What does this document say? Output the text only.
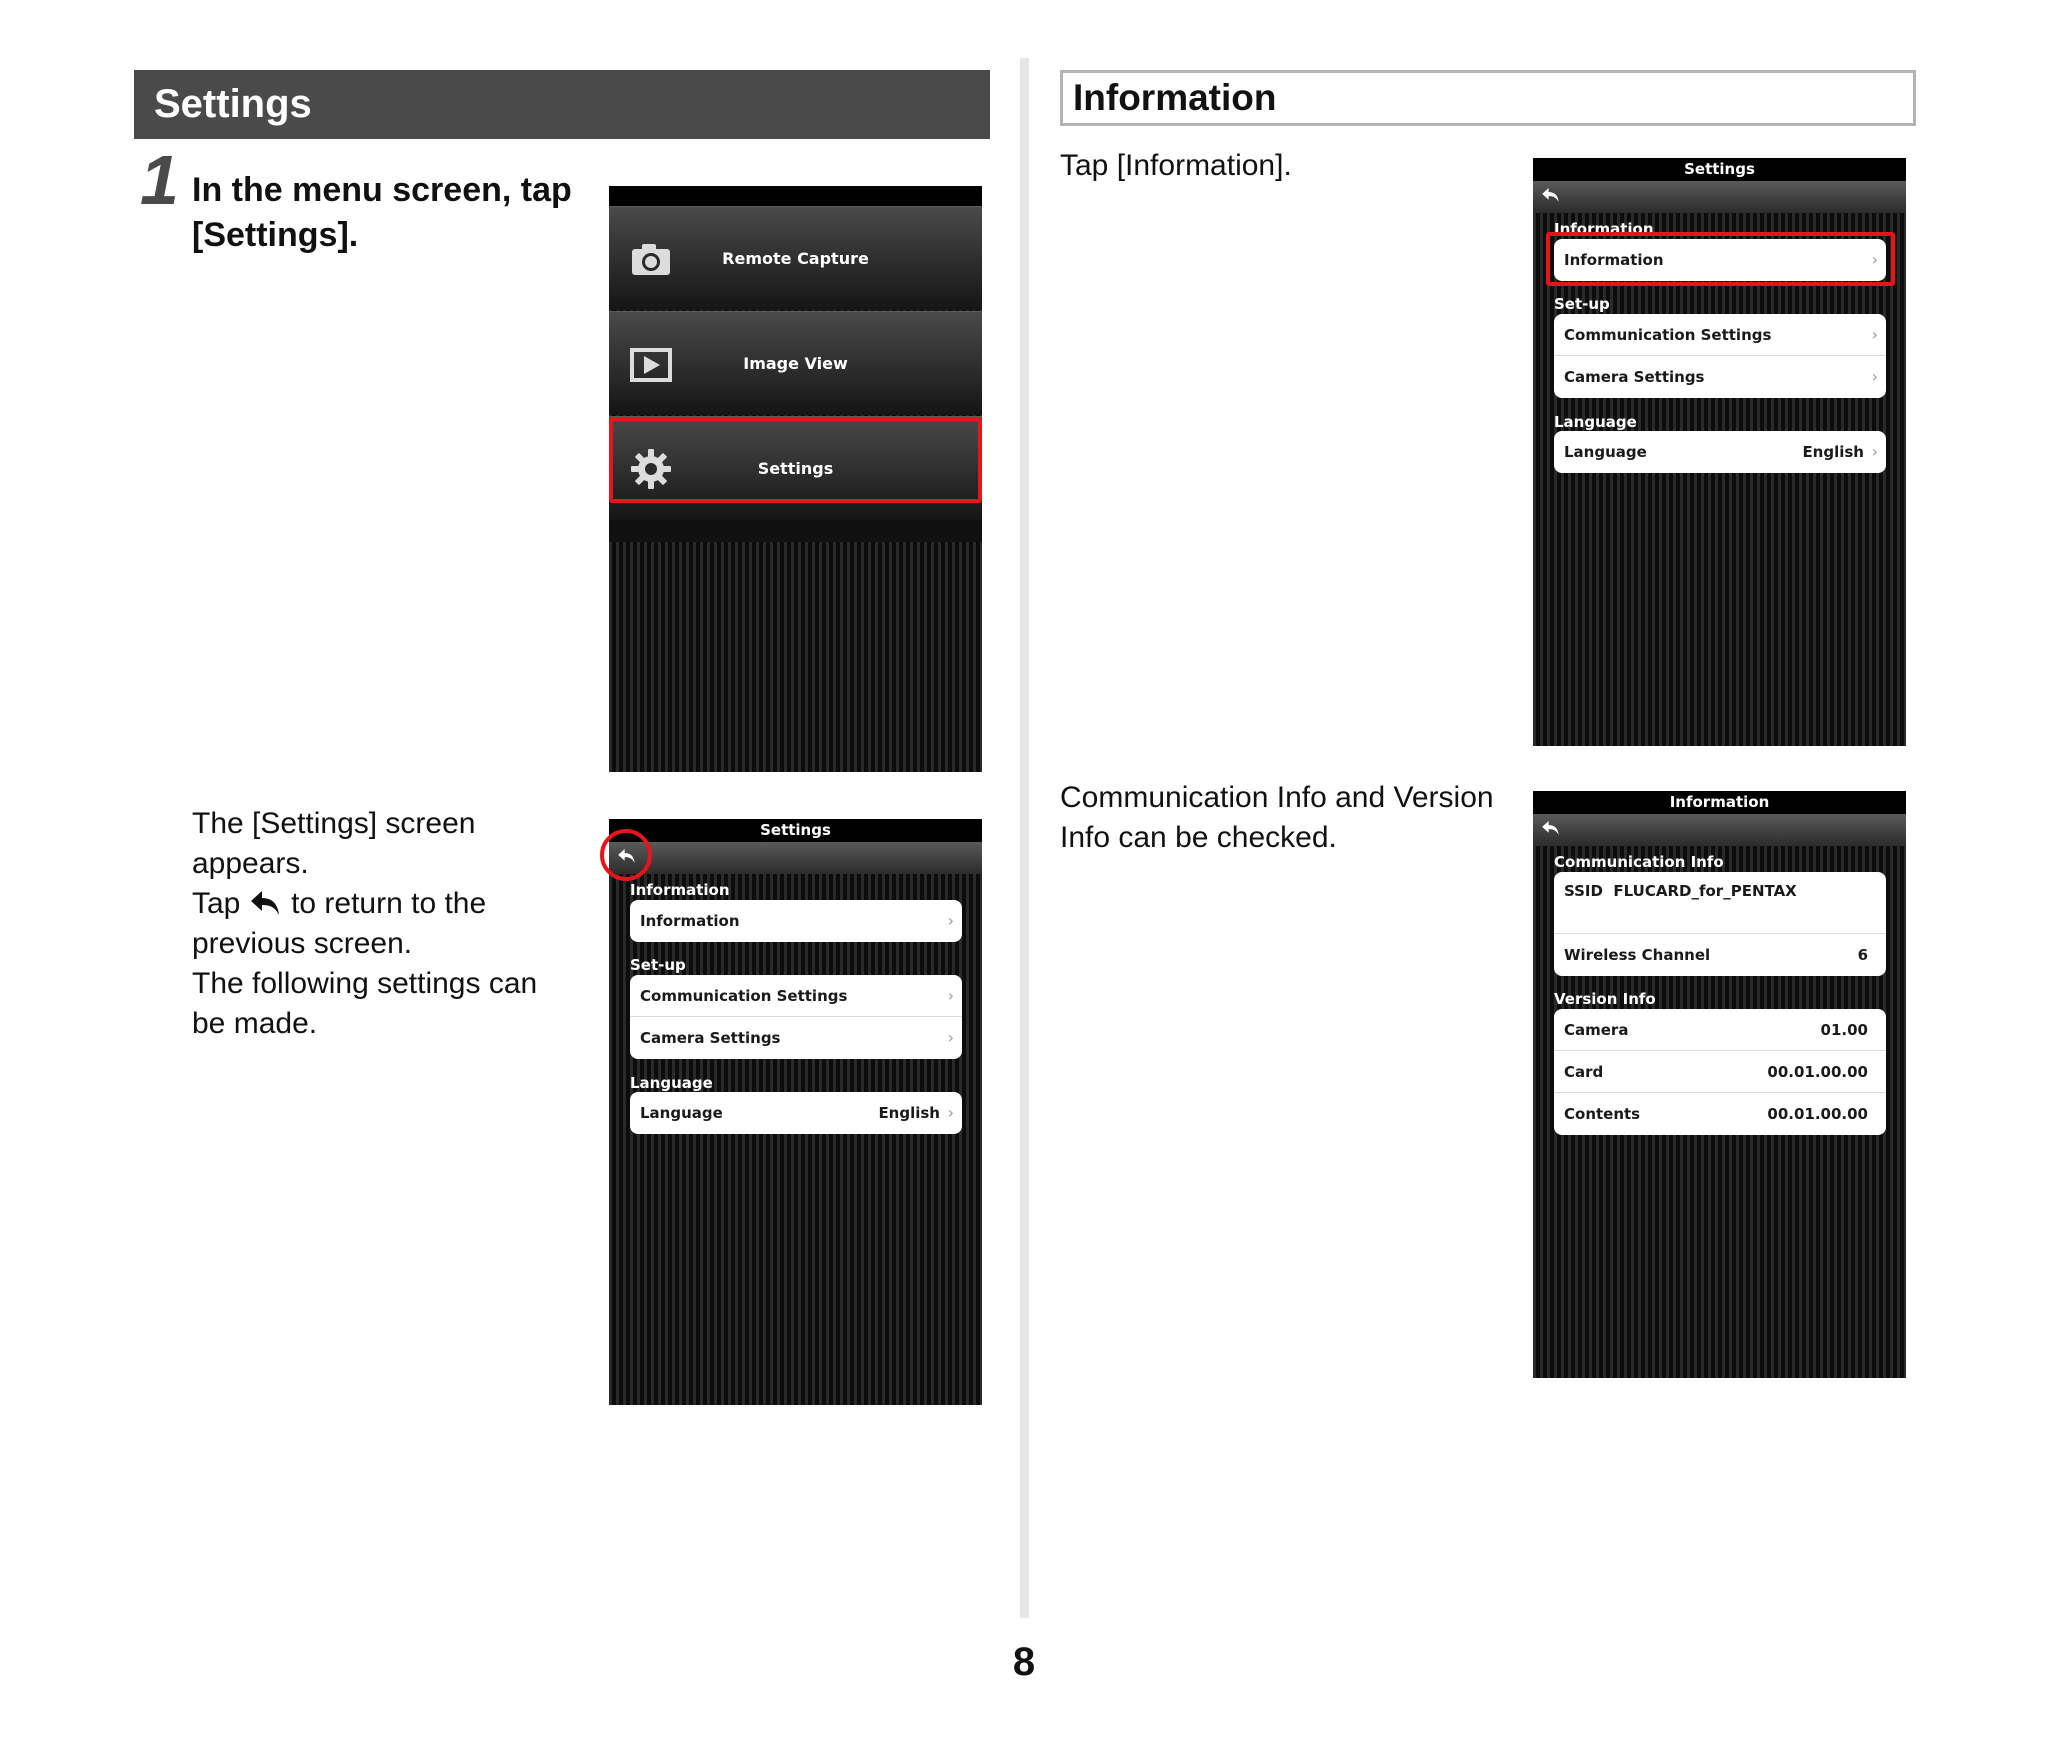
Settings
1 In the menu screen, tap [Settings].
The [Settings] screen
appears.
Tap to return to the
previous screen.
The following settings can
be made.
Remote Capture
Image View
Settings
Settings
Information
Information	›
Set-up
Communication Settings	›
Camera Settings	›
Language
Language	English ›
Information
Tap [Information].
Communication Info and Version
Info can be checked.
Settings
Information
Information	›
Set-up
Communication Settings	›
Camera Settings	›
Language
Language	English ›
Information
Communication Info
SSID  FLUCARD_for_PENTAX
Wireless Channel	6
Version Info
Camera	01.00
Card	00.01.00.00
Contents	00.01.00.00
8
